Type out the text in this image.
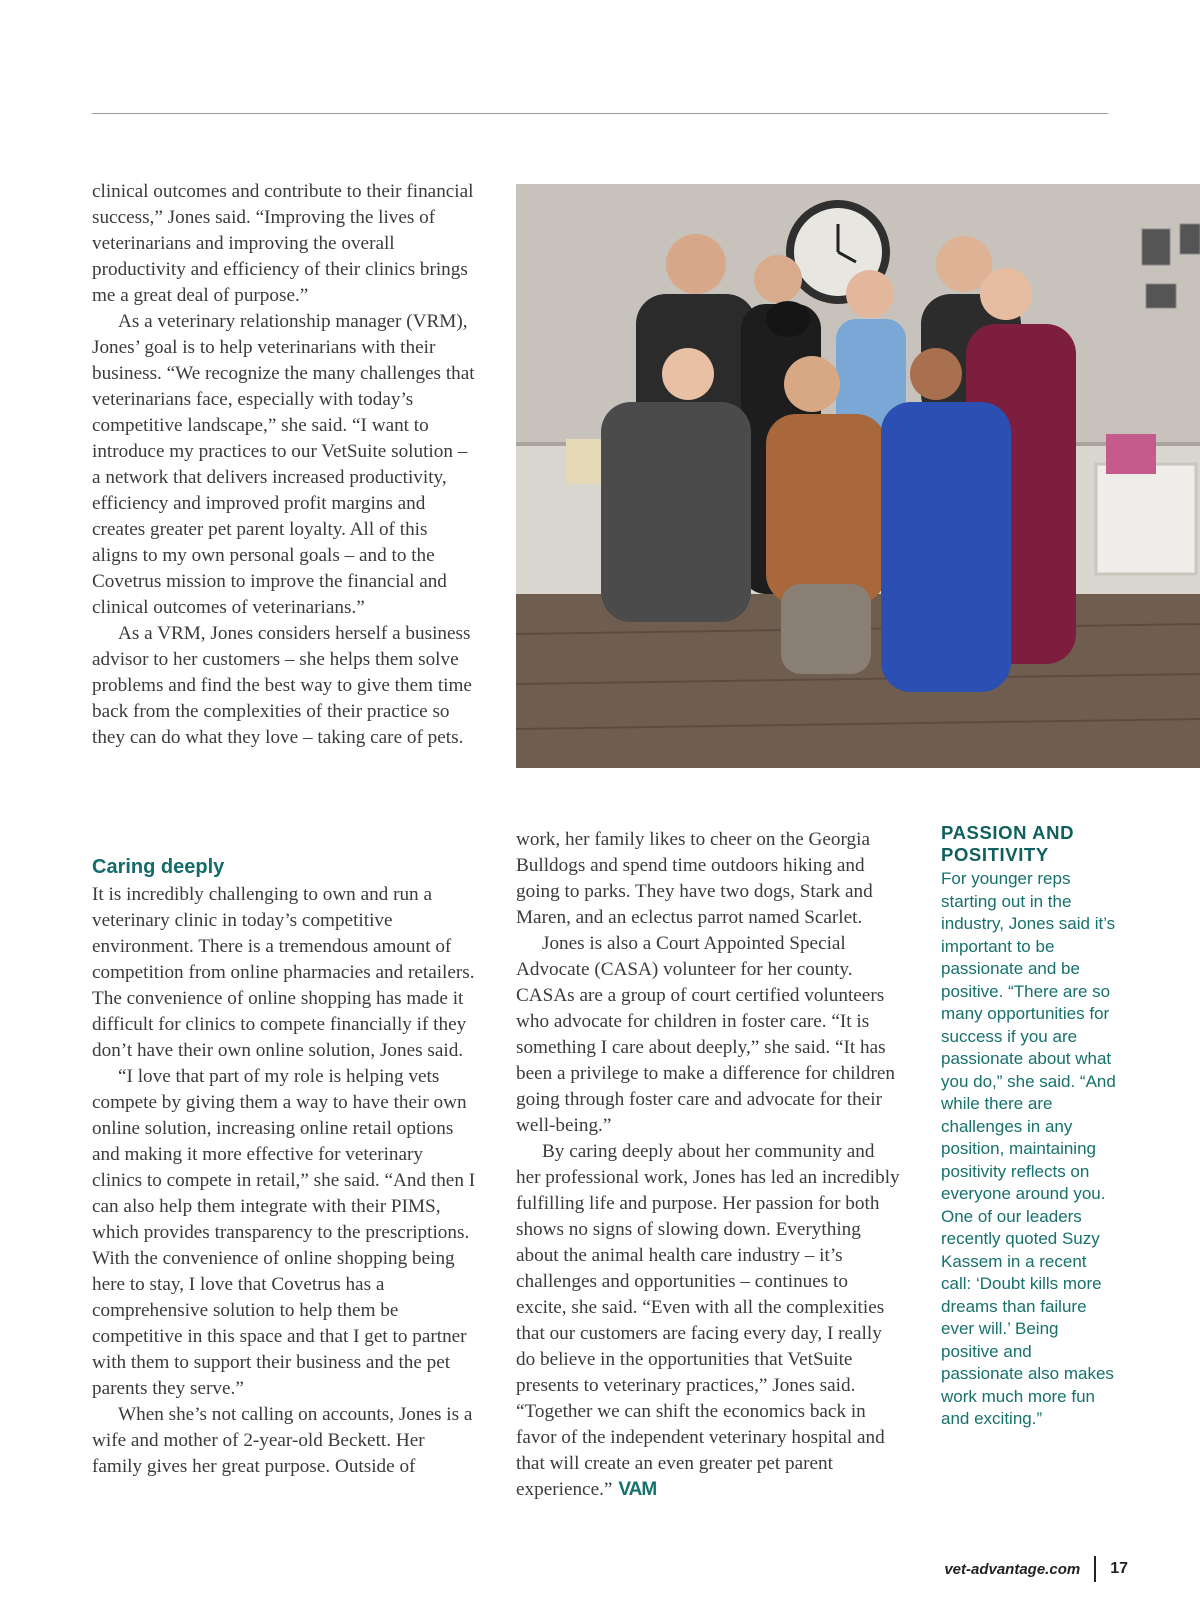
clinical outcomes and contribute to their financial success,” Jones said. “Improving the lives of veterinarians and improving the overall productivity and efficiency of their clinics brings me a great deal of purpose.”

As a veterinary relationship manager (VRM), Jones’ goal is to help veterinarians with their business. “We recognize the many challenges that veterinarians face, especially with today’s competitive landscape,” she said. “I want to introduce my practices to our VetSuite solution – a network that delivers increased productivity, efficiency and improved profit margins and creates greater pet parent loyalty. All of this aligns to my own personal goals – and to the Covetrus mission to improve the financial and clinical outcomes of veterinarians.”

As a VRM, Jones considers herself a business advisor to her customers – she helps them solve problems and find the best way to give them time back from the complexities of their practice so they can do what they love – taking care of pets.

Caring deeply

It is incredibly challenging to own and run a veterinary clinic in today’s competitive environment. There is a tremendous amount of competition from online pharmacies and retailers. The convenience of online shopping has made it difficult for clinics to compete financially if they don’t have their own online solution, Jones said.

“I love that part of my role is helping vets compete by giving them a way to have their own online solution, increasing online retail options and making it more effective for veterinary clinics to compete in retail,” she said. “And then I can also help them integrate with their PIMS, which provides transparency to the prescriptions. With the convenience of online shopping being here to stay, I love that Covetrus has a comprehensive solution to help them be competitive in this space and that I get to partner with them to support their business and the pet parents they serve.”

When she’s not calling on accounts, Jones is a wife and mother of 2-year-old Beckett. Her family gives her great purpose. Outside of

work, her family likes to cheer on the Georgia Bulldogs and spend time outdoors hiking and going to parks. They have two dogs, Stark and Maren, and an eclectus parrot named Scarlet.

Jones is also a Court Appointed Special Advocate (CASA) volunteer for her county. CASAs are a group of court certified volunteers who advocate for children in foster care. “It is something I care about deeply,” she said. “It has been a privilege to make a difference for children going through foster care and advocate for their well-being.”

By caring deeply about her community and her professional work, Jones has led an incredibly fulfilling life and purpose. Her passion for both shows no signs of slowing down. Everything about the animal health care industry – it’s challenges and opportunities – continues to excite, she said. “Even with all the complexities that our customers are facing every day, I really do believe in the opportunities that VetSuite presents to veterinary practices,” Jones said. “Together we can shift the economics back in favor of the independent veterinary hospital and that will create an even greater pet parent experience.” VAM

PASSION AND POSITIVITY

For younger reps starting out in the industry, Jones said it’s important to be passionate and be positive. “There are so many opportunities for success if you are passionate about what you do,” she said. “And while there are challenges in any position, maintaining positivity reflects on everyone around you. One of our leaders recently quoted Suzy Kassem in a recent call: ‘Doubt kills more dreams than failure ever will.’ Being positive and passionate also makes work much more fun and exciting.”

vet-advantage.com 17
